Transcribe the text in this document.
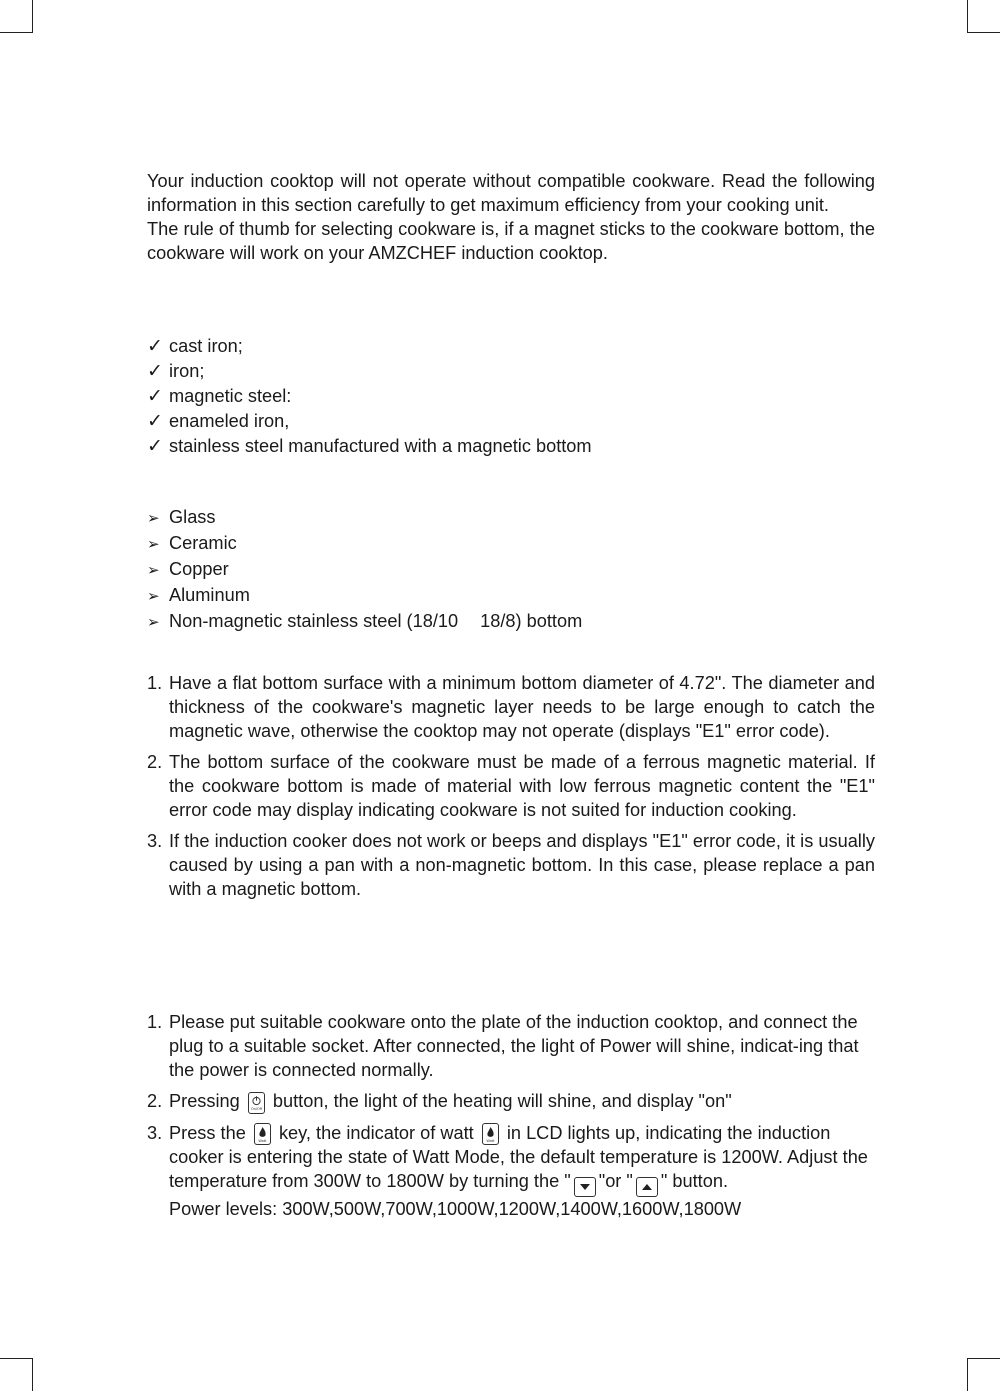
Your induction cooktop will not operate without compatible cookware. Read the following information in this section carefully to get maximum efficiency from your cooking unit.

The rule of thumb for selecting cookware is, if a magnet sticks to the cookware bottom, the cookware will work on your AMZCHEF induction cooktop.

✓ cast iron;
✓ iron;
✓ magnetic steel:
✓ enameled iron,
✓ stainless steel manufactured with a magnetic bottom
➢ Glass
➢ Ceramic
➢ Copper
➢ Aluminum
➢ Non-magnetic stainless steel (18/10 18/8) bottom
1. Have a flat bottom surface with a minimum bottom diameter of 4.72". The diameter and thickness of the cookware's magnetic layer needs to be large enough to catch the magnetic wave, otherwise the cooktop may not operate (displays "E1" error code).
2. The bottom surface of the cookware must be made of a ferrous magnetic material. If the cookware bottom is made of material with low ferrous magnetic content the "E1" error code may display indicating cookware is not suited for induction cooking.
3. If the induction cooker does not work or beeps and displays "E1" error code, it is usually caused by using a pan with a non-magnetic bottom. In this case, please replace a pan with a magnetic bottom.
1. Please put suitable cookware onto the plate of the induction cooktop, and connect the plug to a suitable socket. After connected, the light of Power will shine, indicat-ing that the power is connected normally.
2. Pressing	On/Off button, the light of the heating will shine, and display "on"
3. Press the	Watt key, the indicator of watt	Watt in LCD lights up, indicating the induction cooker is entering the state of Watt Mode, the default temperature is 1200W. Adjust the temperature from 300W to 1800W by turning the " "or " " button.
Power levels: 300W,500W,700W,1000W,1200W,1400W,1600W,1800W
